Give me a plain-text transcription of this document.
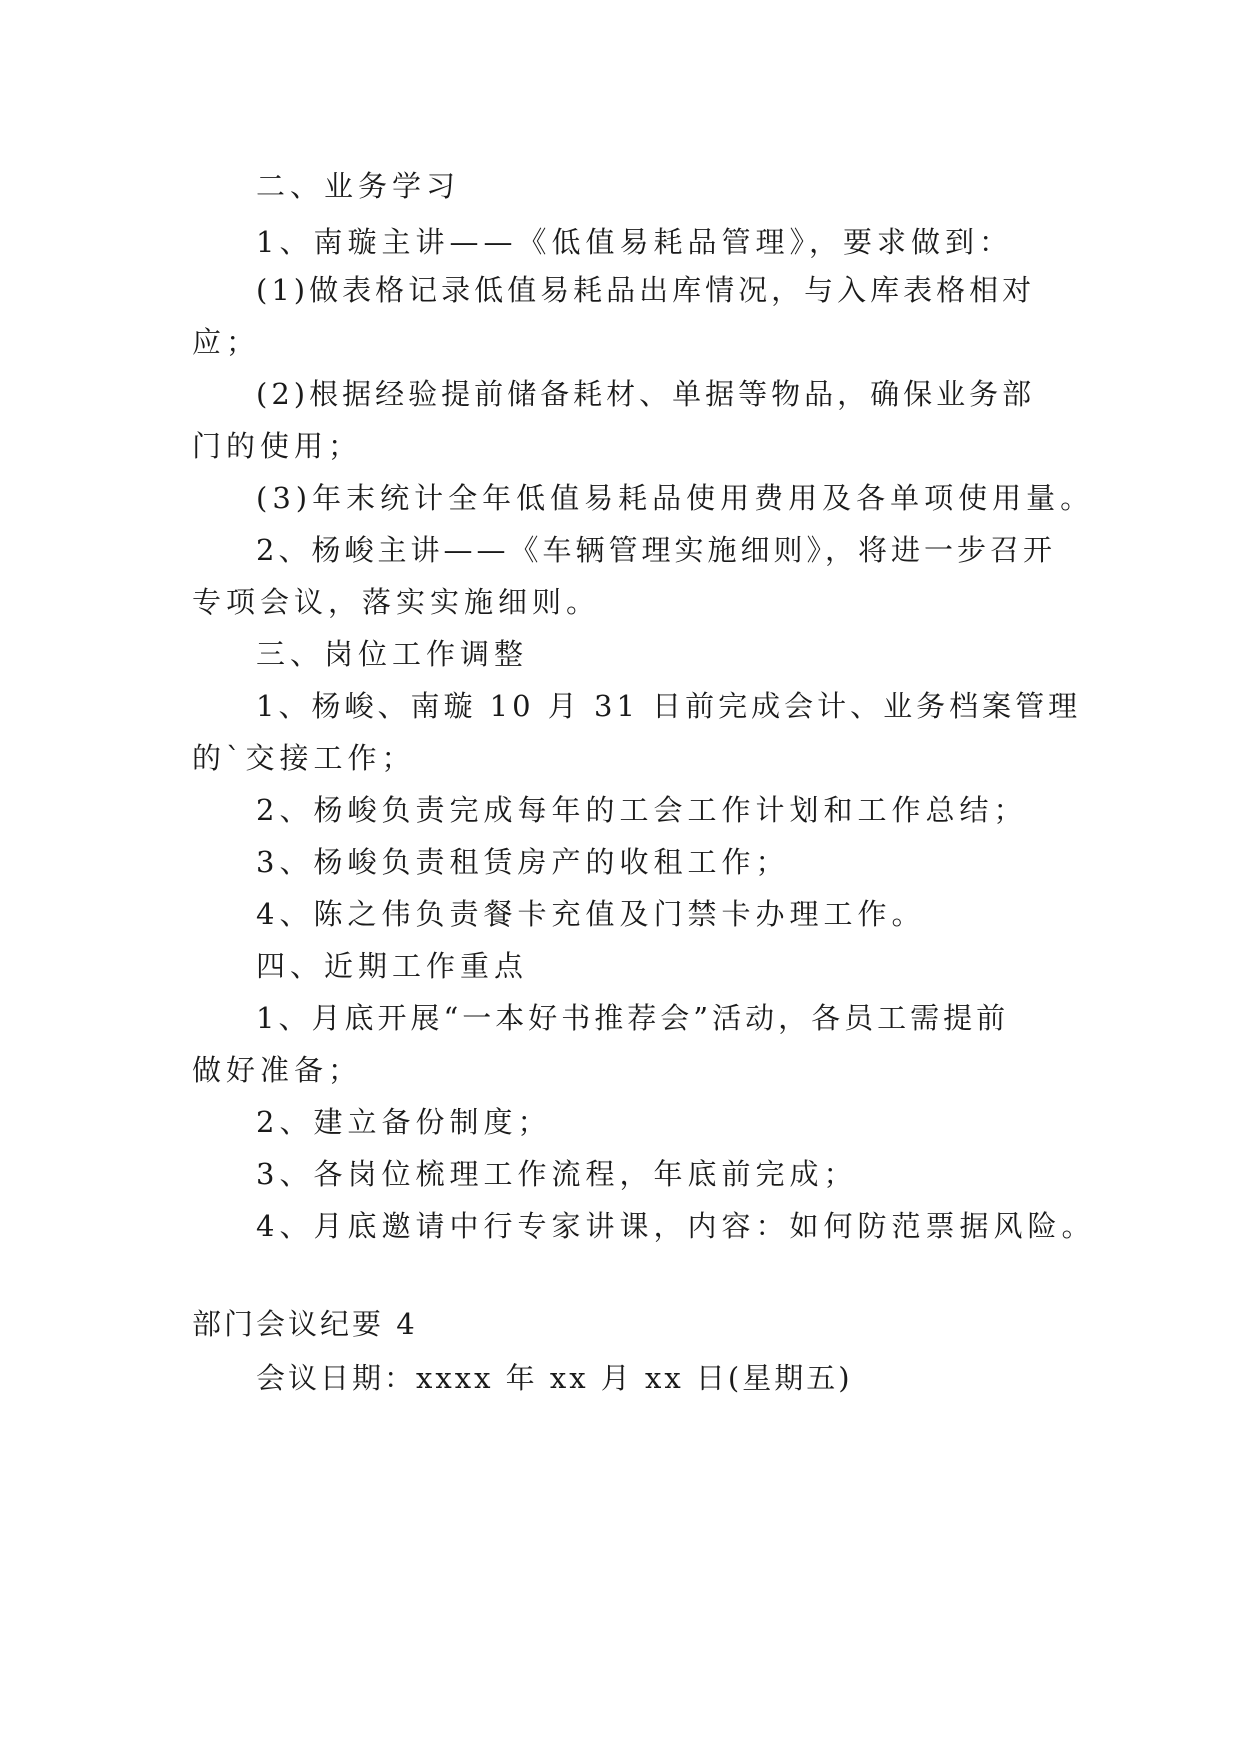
二、业务学习
1、南璇主讲——《低值易耗品管理》，要求做到：
(1)做表格记录低值易耗品出库情况，与入库表格相对
应；
(2)根据经验提前储备耗材、单据等物品，确保业务部
门的使用；
(3)年末统计全年低值易耗品使用费用及各单项使用量。
2、杨峻主讲——《车辆管理实施细则》，将进一步召开
专项会议，落实实施细则。
三、岗位工作调整
1、杨峻、南璇 10 月 31 日前完成会计、业务档案管理
的`交接工作；
2、杨峻负责完成每年的工会工作计划和工作总结；
3、杨峻负责租赁房产的收租工作；
4、陈之伟负责餐卡充值及门禁卡办理工作。
四、近期工作重点
1、月底开展“一本好书推荐会”活动，各员工需提前
做好准备；
2、建立备份制度；
3、各岗位梳理工作流程，年底前完成；
4、月底邀请中行专家讲课，内容：如何防范票据风险。
部门会议纪要 4
会议日期：xxxx 年 xx 月 xx 日(星期五)
